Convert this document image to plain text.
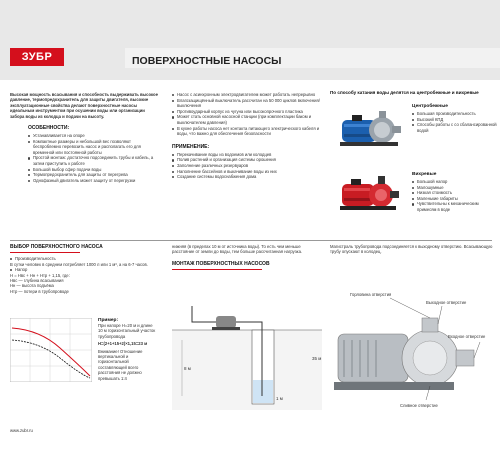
ЗУБР	ПОВЕРХНОСТНЫЕ НАСОСЫ
Высокая мощность всасывания и способность выдерживать высокое давление, термопредохранитель для защиты двигателя, высокие эксплуатационные свойства делают поверхностные насосы идеальным инструментом при осушении воды или организации забора воды из колодца и подачи на высоту.
ОСОБЕННОСТИ:
Устанавливается на опоре
Компактные размеры и небольшой вес позволяют беспроблемно перевозить насос и располагать его для временной или постоянной работы
Простой монтаж: достаточно подсоединить трубы и кабель, а затем приступить к работе
Большой выбор сфер подачи воды
Термопредохранитель для защиты от перегрева
Однофазный двигатель может защиту от перегрузки
Насос с асинхронным электродвигателем может работать непрерывно
Влагозащищённый выключатель рассчитан на 50 000 циклов включения/выключения
Противоударный корпус из чугуна или высокопрочного пластика
Может стать основной насосной станции (при комплектации баком и выключателем давления)
В кухне работы насоса нет контакта питающего электрического кабеля и воды, что важно для обеспечения безопасности
ПРИМЕНЕНИЕ:
Перекачивание воды из водоемов или колодцев
Полив растений и организация системы орошения
Заполнение различных резервуаров
Наполнение бассейнов и выкачивание воды из них
Создание системы водоснабжения дома
По способу катания воды делятся на центробежные и вихревые
Центробежные
Большая производительность
Высокий КПД
Способы работы с со сбалансированной водой
Вихревые
Большой напор
Малошумные
Низкая стоимость
Маленькие габариты
Чувствительны к механическим примесям в воде
ВЫБОР ПОВЕРХНОСТНОГО НАСОСА
Производительность
В сутки человек в среднем потребляет 1000 л или 1 м³, а на 6-7 часов.
Напор
H = Hвс + Hн + Hтр + 1,15, где:
Hвс — глубина всасывания
Hн — высота подъёма
Hтр — потери в трубопроводе
Пример:
При напоре Н=20 м и длине 10 м горизонтальный участок трубопровода
Н=(2+1+15+2)×1,15=23 м
Внимание! Отношение вертикальной и горизонтальной составляющей всего расстояния не должно превышать 1:4
нижняя (в пределах 10 м от источника воды). То есть чем меньше расстояние от земли до воды, тем больше рассчитанная нагрузка.
МОНТАЖ ПОВЕРХНОСТНЫХ НАСОСОВ
8 м
1 м
35 м
Магистраль трубопровода подсоединяется к выходному отверстию. Всасывающую трубу опускают в колодец.
Горловина отверстия
Выходное отверстие
Входное отверстие
Сливное отверстие
www.zubr.ru
